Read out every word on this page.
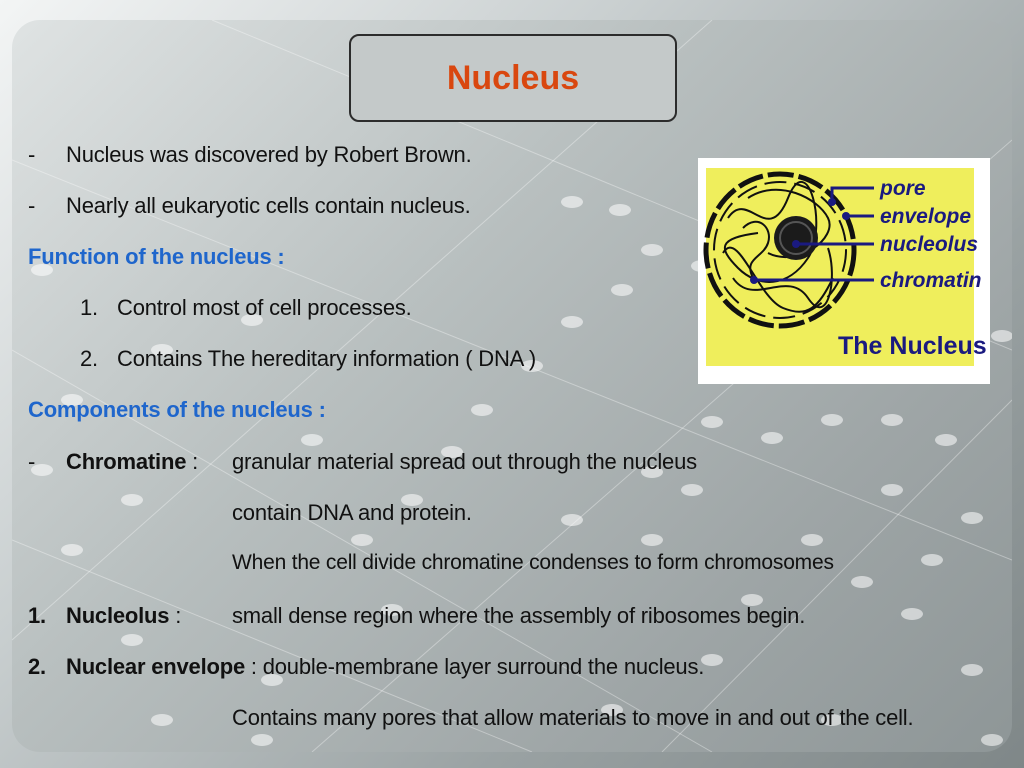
Nucleus
- Nucleus was discovered by Robert Brown.
- Nearly all eukaryotic cells contain nucleus.
Function of the nucleus :
1. Control most of cell processes.
2. Contains The hereditary information ( DNA )
Components of the nucleus :
- Chromatine : granular material spread out through the nucleus
contain DNA and protein.
When the cell divide chromatine condenses to form chromosomes
1. Nucleolus : small dense region where the assembly of ribosomes begin.
2. Nuclear envelope : double-membrane layer surround the nucleus.
Contains many pores that allow materials to move in and out of the cell.
pore
envelope
nucleolus
chromatin
The Nucleus
